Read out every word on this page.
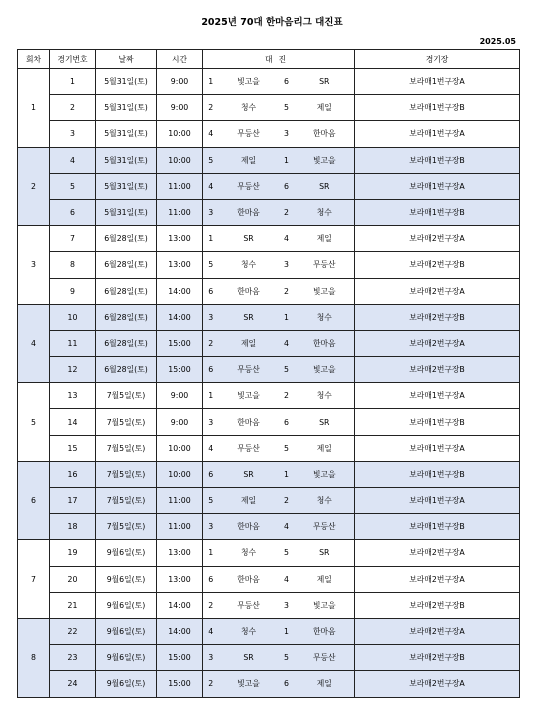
2025년 70대 한마음리그 대진표
2025.05
회차	경기번호	날짜	시간	대진				경기장
1	1	5월31일(토)	9:00	1	빛고을	6	SR	보라매1번구장A
	2	5월31일(토)	9:00	2	청수	5	제일	보라매1번구장B
	3	5월31일(토)	10:00	4	무등산	3	한마음	보라매1번구장A
2	4	5월31일(토)	10:00	5	제일	1	빛고을	보라매1번구장B
	5	5월31일(토)	11:00	4	무등산	6	SR	보라매1번구장A
	6	5월31일(토)	11:00	3	한마음	2	청수	보라매1번구장B
3	7	6월28일(토)	13:00	1	SR	4	제일	보라매2번구장A
	8	6월28일(토)	13:00	5	청수	3	무등산	보라매2번구장B
	9	6월28일(토)	14:00	6	한마음	2	빛고을	보라매2번구장A
4	10	6월28일(토)	14:00	3	SR	1	청수	보라매2번구장B
	11	6월28일(토)	15:00	2	제일	4	한마음	보라매2번구장A
	12	6월28일(토)	15:00	6	무등산	5	빛고을	보라매2번구장B
5	13	7월5일(토)	9:00	1	빛고을	2	청수	보라매1번구장A
	14	7월5일(토)	9:00	3	한마음	6	SR	보라매1번구장B
	15	7월5일(토)	10:00	4	무등산	5	제일	보라매1번구장A
6	16	7월5일(토)	10:00	6	SR	1	빛고을	보라매1번구장B
	17	7월5일(토)	11:00	5	제일	2	청수	보라매1번구장A
	18	7월5일(토)	11:00	3	한마음	4	무등산	보라매1번구장B
7	19	9월6일(토)	13:00	1	청수	5	SR	보라매2번구장A
	20	9월6일(토)	13:00	6	한마음	4	제일	보라매2번구장A
	21	9월6일(토)	14:00	2	무등산	3	빛고을	보라매2번구장B
8	22	9월6일(토)	14:00	4	청수	1	한마음	보라매2번구장A
	23	9월6일(토)	15:00	3	SR	5	무등산	보라매2번구장B
	24	9월6일(토)	15:00	2	빛고을	6	제일	보라매2번구장A
